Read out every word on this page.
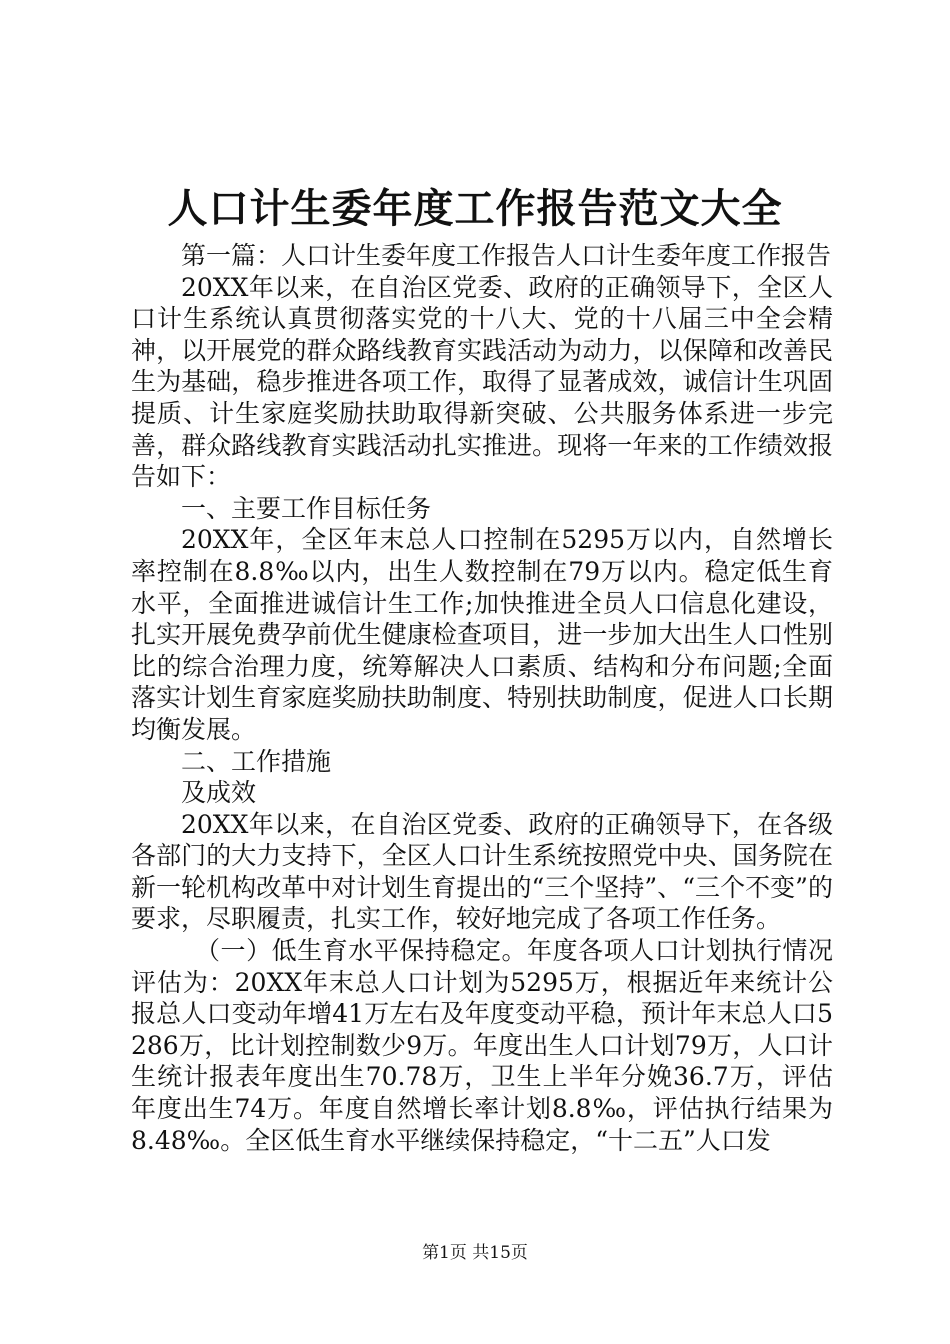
人口计生委年度工作报告范文大全

第一篇：人口计生委年度工作报告人口计生委年度工作报告

20XX年以来，在自治区党委、政府的正确领导下，全区人口计生系统认真贯彻落实党的十八大、党的十八届三中全会精神，以开展党的群众路线教育实践活动为动力，以保障和改善民生为基础，稳步推进各项工作，取得了显著成效，诚信计生巩固提质、计生家庭奖励扶助取得新突破、公共服务体系进一步完善，群众路线教育实践活动扎实推进。现将一年来的工作绩效报告如下：

一、主要工作目标任务

20XX年，全区年末总人口控制在5295万以内，自然增长率控制在8.8‰以内，出生人数控制在79万以内。稳定低生育水平，全面推进诚信计生工作;加快推进全员人口信息化建设，扎实开展免费孕前优生健康检查项目，进一步加大出生人口性别比的综合治理力度，统筹解决人口素质、结构和分布问题;全面落实计划生育家庭奖励扶助制度、特别扶助制度，促进人口长期均衡发展。

二、工作措施

及成效

20XX年以来，在自治区党委、政府的正确领导下，在各级各部门的大力支持下，全区人口计生系统按照党中央、国务院在新一轮机构改革中对计划生育提出的“三个坚持”、“三个不变”的要求，尽职履责，扎实工作，较好地完成了各项工作任务。

（一）低生育水平保持稳定。年度各项人口计划执行情况评估为：20XX年末总人口计划为5295万，根据近年来统计公报总人口变动年增41万左右及年度变动平稳，预计年末总人口5286万，比计划控制数少9万。年度出生人口计划79万，人口计生统计报表年度出生70.78万，卫生上半年分娩36.7万，评估年度出生74万。年度自然增长率计划8.8‰，评估执行结果为8.48‰。全区低生育水平继续保持稳定，“十二五”人口发

第1页 共15页
